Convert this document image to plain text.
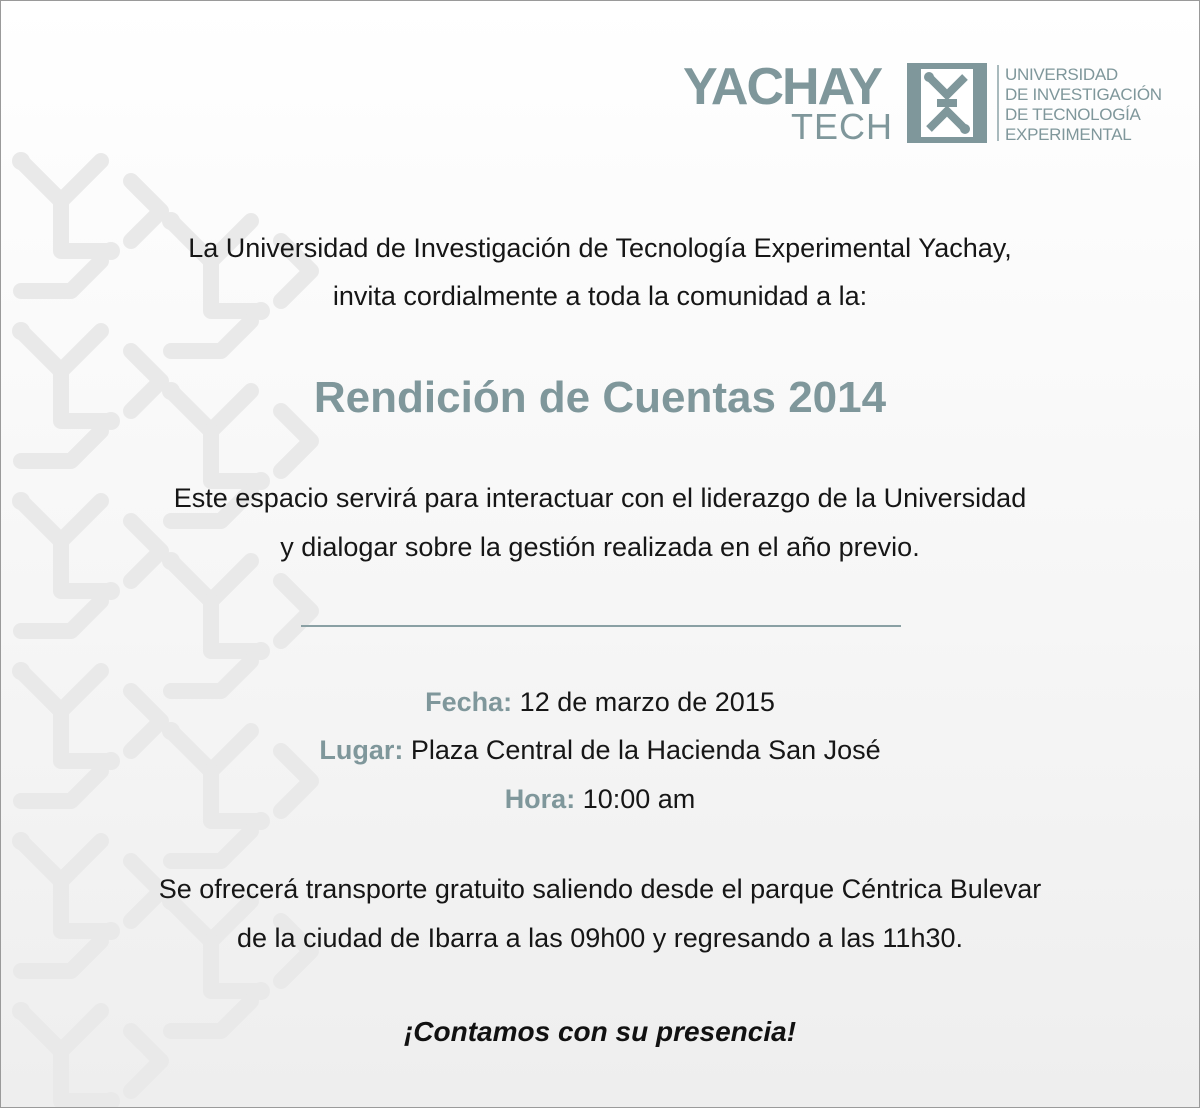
YACHAY
TECH
UNIVERSIDAD
DE INVESTIGACIÓN
DE TECNOLOGÍA
EXPERIMENTAL
La Universidad de Investigación de Tecnología Experimental Yachay,
invita cordialmente a toda la comunidad a la:
Rendición de Cuentas 2014
Este espacio servirá para interactuar con el liderazgo de la Universidad
y dialogar sobre la gestión realizada en el año previo.
Fecha: 12 de marzo de 2015
Lugar: Plaza Central de la Hacienda San José
Hora: 10:00 am
Se ofrecerá transporte gratuito saliendo desde el parque Céntrica Bulevar
de la ciudad de Ibarra a las 09h00 y regresando a las 11h30.
¡Contamos con su presencia!
